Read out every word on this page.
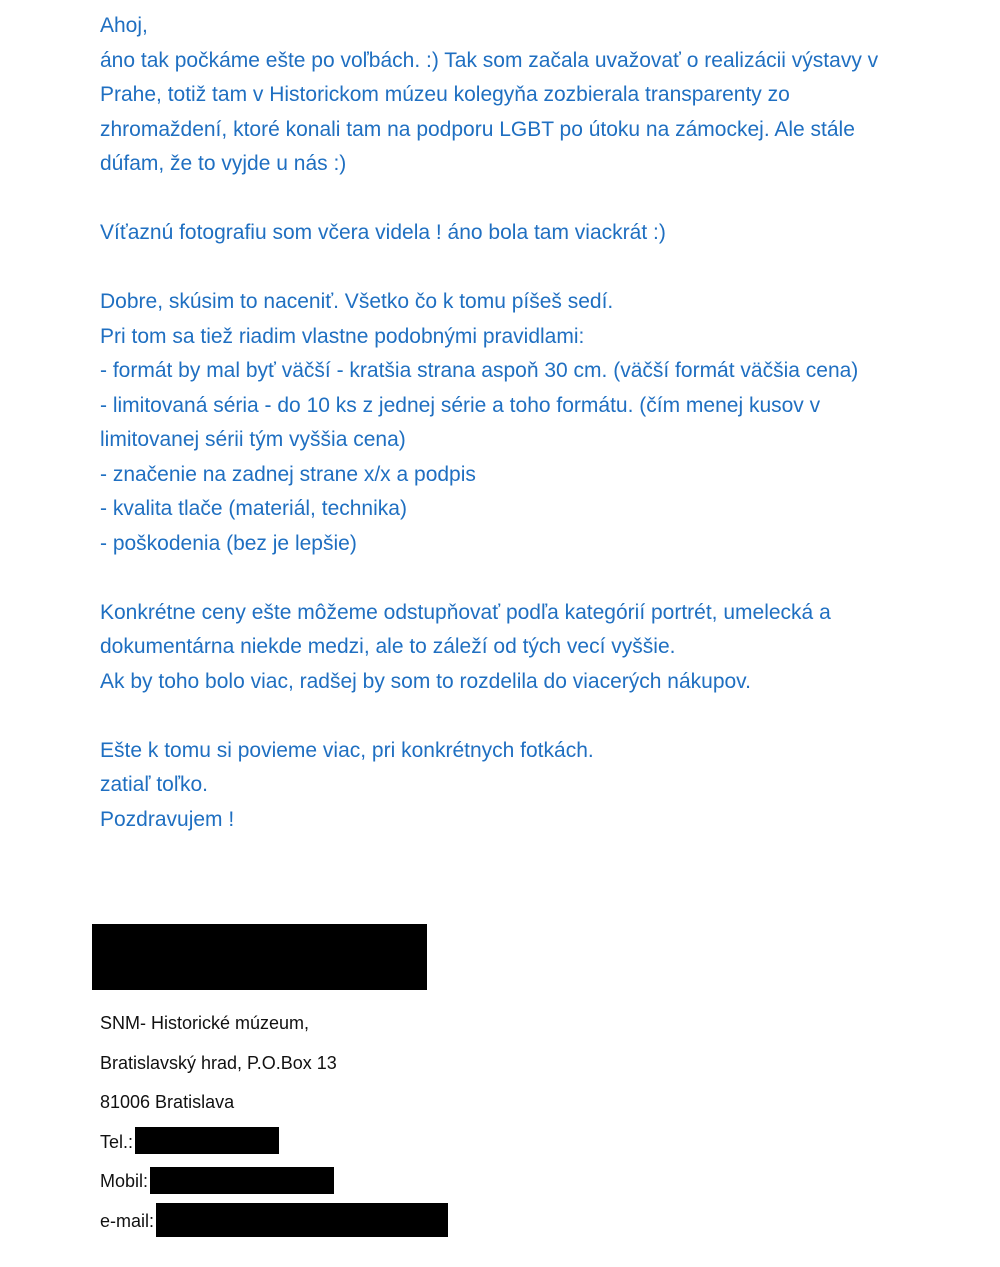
Ahoj,
áno tak počkáme ešte po voľbách. :) Tak som začala uvažovať o realizácii výstavy v
Prahe, totiž tam v Historickom múzeu kolegyňa zozbierala transparenty zo
zhromaždení, ktoré konali tam na podporu LGBT po útoku na zámockej. Ale stále
dúfam, že to vyjde u nás :)
Víťaznú fotografiu som včera videla ! áno bola tam viackrát :)
Dobre, skúsim to naceniť. Všetko čo k tomu píšeš sedí.
Pri tom sa tiež riadim vlastne podobnými pravidlami:
- formát by mal byť väčší - kratšia strana aspoň 30 cm. (väčší formát väčšia cena)
- limitovaná séria - do 10 ks z jednej série a toho formátu. (čím menej kusov v
limitovanej sérii tým vyššia cena)
- značenie na zadnej strane x/x a podpis
- kvalita tlače (materiál, technika)
- poškodenia (bez je lepšie)
Konkrétne ceny ešte môžeme odstupňovať podľa kategórií portrét, umelecká a
dokumentárna niekde medzi, ale to záleží od tých vecí vyššie.
Ak by toho bolo viac, radšej by som to rozdelila do viacerých nákupov.
Ešte k tomu si povieme viac, pri konkrétnych fotkách.
zatiaľ toľko.
Pozdravujem !
SNM- Historické múzeum,
Bratislavský hrad, P.O.Box 13
81006 Bratislava
Tel.:
Mobil:
e-mail:
